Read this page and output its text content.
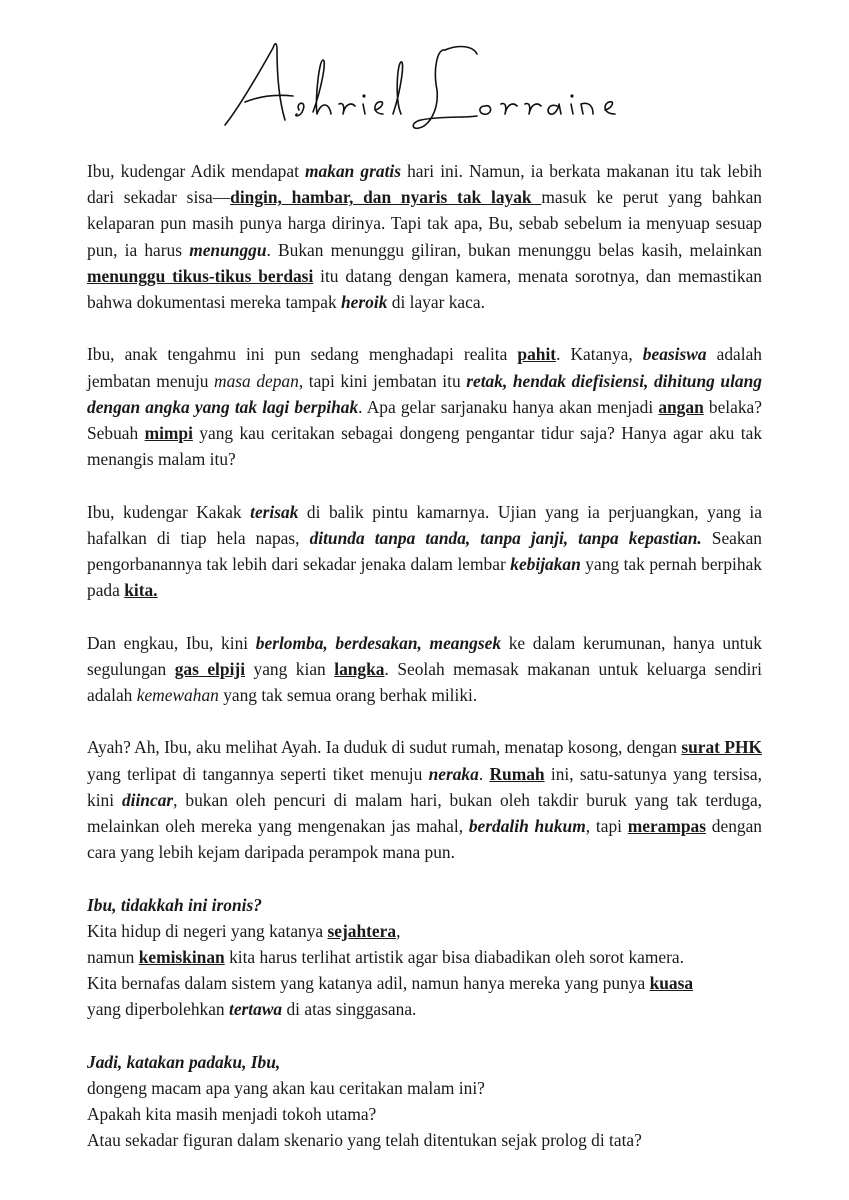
Ibu, kudengar Adik mendapat makan gratis hari ini. Namun, ia berkata makanan itu tak lebih dari sekadar sisa—dingin, hambar, dan nyaris tak layak masuk ke perut yang bahkan kelaparan pun masih punya harga dirinya. Tapi tak apa, Bu, sebab sebelum ia menyuap sesuap pun, ia harus menunggu. Bukan menunggu giliran, bukan menunggu belas kasih, melainkan menunggu tikus-tikus berdasi itu datang dengan kamera, menata sorotnya, dan memastikan bahwa dokumentasi mereka tampak heroik di layar kaca.

Ibu, anak tengahmu ini pun sedang menghadapi realita pahit. Katanya, beasiswa adalah jembatan menuju masa depan, tapi kini jembatan itu retak, hendak diefisiensi, dihitung ulang dengan angka yang tak lagi berpihak. Apa gelar sarjanaku hanya akan menjadi angan belaka? Sebuah mimpi yang kau ceritakan sebagai dongeng pengantar tidur saja? Hanya agar aku tak menangis malam itu?

Ibu, kudengar Kakak terisak di balik pintu kamarnya. Ujian yang ia perjuangkan, yang ia hafalkan di tiap hela napas, ditunda tanpa tanda, tanpa janji, tanpa kepastian. Seakan pengorbanannya tak lebih dari sekadar jenaka dalam lembar kebijakan yang tak pernah berpihak pada kita.

Dan engkau, Ibu, kini berlomba, berdesakan, meangsek ke dalam kerumunan, hanya untuk segulungan gas elpiji yang kian langka. Seolah memasak makanan untuk keluarga sendiri adalah kemewahan yang tak semua orang berhak miliki.

Ayah? Ah, Ibu, aku melihat Ayah. Ia duduk di sudut rumah, menatap kosong, dengan surat PHK yang terlipat di tangannya seperti tiket menuju neraka. Rumah ini, satu-satunya yang tersisa, kini diincar, bukan oleh pencuri di malam hari, bukan oleh takdir buruk yang tak terduga, melainkan oleh mereka yang mengenakan jas mahal, berdalih hukum, tapi merampas dengan cara yang lebih kejam daripada perampok mana pun.

Ibu, tidakkah ini ironis?
Kita hidup di negeri yang katanya sejahtera,
namun kemiskinan kita harus terlihat artistik agar bisa diabadikan oleh sorot kamera.
Kita bernafas dalam sistem yang katanya adil, namun hanya mereka yang punya kuasa
yang diperbolehkan tertawa di atas singgasana.
Jadi, katakan padaku, Ibu,
dongeng macam apa yang akan kau ceritakan malam ini?
Apakah kita masih menjadi tokoh utama?
Atau sekadar figuran dalam skenario yang telah ditentukan sejak prolog di tata?
